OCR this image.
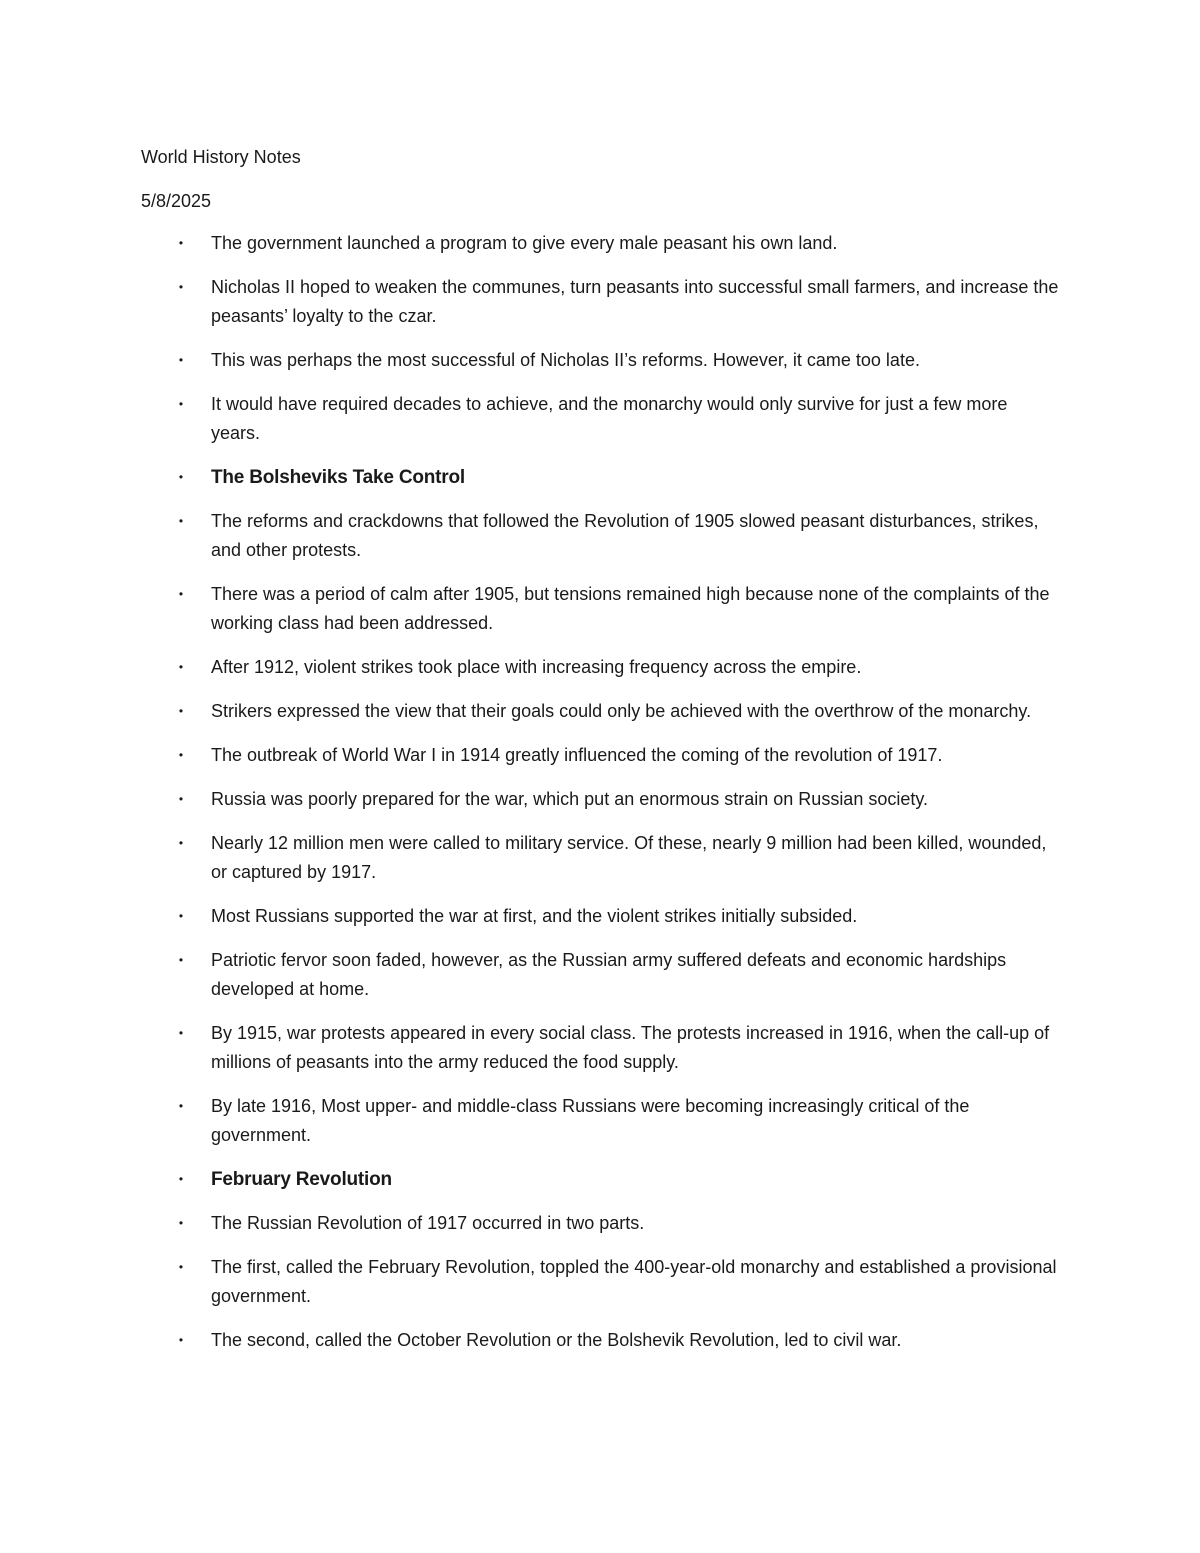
World History Notes

5/8/2025

• The government launched a program to give every male peasant his own land.
• Nicholas II hoped to weaken the communes, turn peasants into successful small farmers, and increase the peasants’ loyalty to the czar.
• This was perhaps the most successful of Nicholas II’s reforms. However, it came too late.
• It would have required decades to achieve, and the monarchy would only survive for just a few more years.
• The Bolsheviks Take Control
• The reforms and crackdowns that followed the Revolution of 1905 slowed peasant disturbances, strikes, and other protests.
• There was a period of calm after 1905, but tensions remained high because none of the complaints of the working class had been addressed.
• After 1912, violent strikes took place with increasing frequency across the empire.
• Strikers expressed the view that their goals could only be achieved with the overthrow of the monarchy.
• The outbreak of World War I in 1914 greatly influenced the coming of the revolution of 1917.
• Russia was poorly prepared for the war, which put an enormous strain on Russian society.
• Nearly 12 million men were called to military service. Of these, nearly 9 million had been killed, wounded, or captured by 1917.
• Most Russians supported the war at first, and the violent strikes initially subsided.
• Patriotic fervor soon faded, however, as the Russian army suffered defeats and economic hardships developed at home.
• By 1915, war protests appeared in every social class. The protests increased in 1916, when the call-up of millions of peasants into the army reduced the food supply.
• By late 1916, Most upper- and middle-class Russians were becoming increasingly critical of the government.
• February Revolution
• The Russian Revolution of 1917 occurred in two parts.
• The first, called the February Revolution, toppled the 400-year-old monarchy and established a provisional government.
• The second, called the October Revolution or the Bolshevik Revolution, led to civil war.
